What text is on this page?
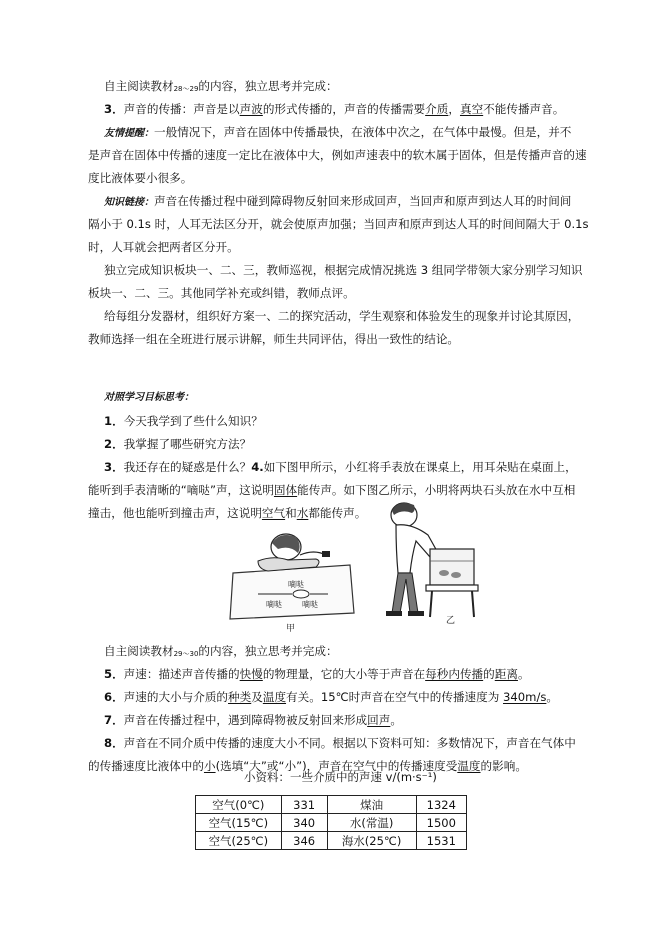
自主阅读教材28～29的内容，独立思考并完成：
3．声音的传播：声音是以声波的形式传播的，声音的传播需要介质，真空不能传播声音。
友情提醒：一般情况下，声音在固体中传播最快，在液体中次之，在气体中最慢。但是，并不
是声音在固体中传播的速度一定比在液体中大，例如声速表中的软木属于固体，但是传播声音的速
度比液体要小很多。
知识链接：声音在传播过程中碰到障碍物反射回来形成回声，当回声和原声到达人耳的时间间
隔小于 0.1s 时，人耳无法区分开，就会使原声加强；当回声和原声到达人耳的时间间隔大于 0.1s
时，人耳就会把两者区分开。
独立完成知识板块一、二、三，教师巡视，根据完成情况挑选 3 组同学带领大家分别学习知识
板块一、二、三。其他同学补充或纠错，教师点评。
给每组分发器材，组织好方案一、二的探究活动，学生观察和体验发生的现象并讨论其原因，
教师选择一组在全班进行展示讲解，师生共同评估，得出一致性的结论。
对照学习目标思考：
1．今天我学到了些什么知识？
2．我掌握了哪些研究方法？
3．我还存在的疑惑是什么？4.如下图甲所示，小红将手表放在课桌上，用耳朵贴在桌面上，
能听到手表清晰的“嘀哒”声，这说明固体能传声。如下图乙所示，小明将两块石头放在水中互相
撞击，他也能听到撞击声，这说明空气和水都能传声。
嘀哒
嘀哒	嘀哒
甲
乙
自主阅读教材29～30的内容，独立思考并完成：
5．声速：描述声音传播的快慢的物理量，它的大小等于声音在每秒内传播的距离。
6．声速的大小与介质的种类及温度有关。15℃时声音在空气中的传播速度为 340m/s。
7．声音在传播过程中，遇到障碍物被反射回来形成回声。
8．声音在不同介质中传播的速度大小不同。根据以下资料可知：多数情况下，声音在气体中
的传播速度比液体中的小(选填“大”或“小”)，声音在空气中的传播速度受温度的影响。
小资料：一些介质中的声速 v/(m·s⁻¹)
空气(0℃)	331	煤油	1324
空气(15℃)	340	水(常温)	1500
空气(25℃)	346	海水(25℃)	1531
